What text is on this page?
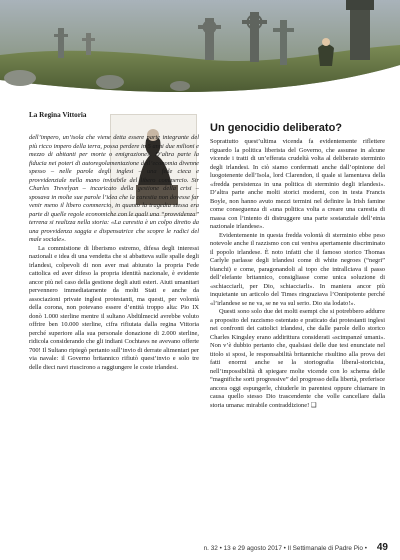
La Regina Vittoria

dell’impero, un’isola che viene detta essere parte integrante del più ricco impero della terra, possa perdere in 5 anni due milioni e mezzo di abitanti per morte o emigrazione». D’altra parte la fiducia nei poteri di autoregolamentazione dell’economia divenne spesso – nelle parole degli inglesi – una fede cieca e provvidenziale nella mano invisibile del libero commercio. Sir Charles Trevelyan – incaricato della gestione della crisi – sposava in molte sue parole l’idea che la carestia non dovesse far venir meno il libero commercio, in quanto la tragedia stessa era parte di quelle regole economiche con le quali una “provvidenza” terrena si realizza nella storia: «La carestia è un colpo diretto da una provvidenza saggia e dispensatrice che scopre le radici del male sociale».

La commistione di liberismo estremo, difesa degli interessi nazionali e idea di una vendetta che si abbatteva sulle spalle degli irlandesi, colpevoli di non aver mai abiurato la propria Fede cattolica ed aver difeso la propria identità nazionale, è evidente ancor più nel caso della gestione degli aiuti esteri. Aiuti umanitari pervennero immediatamente da molti Stati e anche da associazioni private inglesi protestanti, ma questi, per volontà della corona, non potevano essere d’entità troppo alta: Pio IX donò 1.000 sterline mentre il sultano Abdülmecid avrebbe voluto offrire ben 10.000 sterline, cifra rifiutata dalla regina Vittoria perché superiore alla sua personale donazione di 2.000 sterline, ridicola considerando che gli indiani Cochtaws ne avevano offerte 700! Il Sultano ripiegò pertanto sull’invio di derrate alimentari per via navale: il Governo britannico rifiutò quest’invio e solo tre delle dieci navi riuscirono a raggiungere le coste irlandesi.

Un genocidio deliberato?

Soprattutto quest’ultima vicenda fa evidentemente riflettere riguardo la politica liberista del Governo, che assunse in alcune vicende i tratti di un’efferata crudeltà volta al deliberato sterminio degli irlandesi. In ciò siamo confermati anche dall’opinione del luogotenente dell’Isola, lord Clarendon, il quale si lamentava della «fredda persistenza in una politica di sterminio degli irlandesi». D’altra parte anche molti storici moderni, con in testa Francis Boyle, non hanno avuto mezzi termini nel definire la Irish famine come conseguenza di «una politica volta a creare una carestia di massa con l’intento di distruggere una parte sostanziale dell’etnia nazionale irlandese».

Evidentemente in questa fredda volontà di sterminio ebbe peso notevole anche il razzismo con cui veniva apertamente discriminato il popolo irlandese. È noto infatti che il famoso storico Thomas Carlyle parlasse degli irlandesi come di white negroes (“negri” bianchi) e come, paragonandoli al topo che intrallciava il passo dell’elefante britannico, consigliasse come unica soluzione di «schiacciarli, per Dio, schiacciarli». In maniera ancor più inquietante un articolo del Times ringraziava l’Onnipotente perché «l’irlandese se ne va, se ne va sul serio. Dio sia lodato!».

Questi sono solo due dei molti esempi che si potrebbero addurre a proposito del razzismo ostentato e praticato dai protestanti inglesi nei confronti dei cattolici irlandesi, che dalle parole dello storico Charles Kingsley erano addirittura considerati «scimpanzé umani». Non v’è dubbio pertanto che, qualsiasi delle due tesi enunciate nel titolo si sposi, le responsabilità britanniche risultino alla prova dei fatti enormi anche se la storiografia liberal-storicista, nell’impossibilità di spiegare molte vicende con lo schema delle “magnifiche sorti progressive” del progresso della libertà, preferisce ancora oggi espungerle, chiuderle in parentesi oppure chiamare in causa quello stesso Dio trascendente che volle cancellare dalla storia umana: mirabile contraddizione! ❑

n. 32 • 13 e 29 agosto 2017 • Il Settimanale di Padre Pio • 49
